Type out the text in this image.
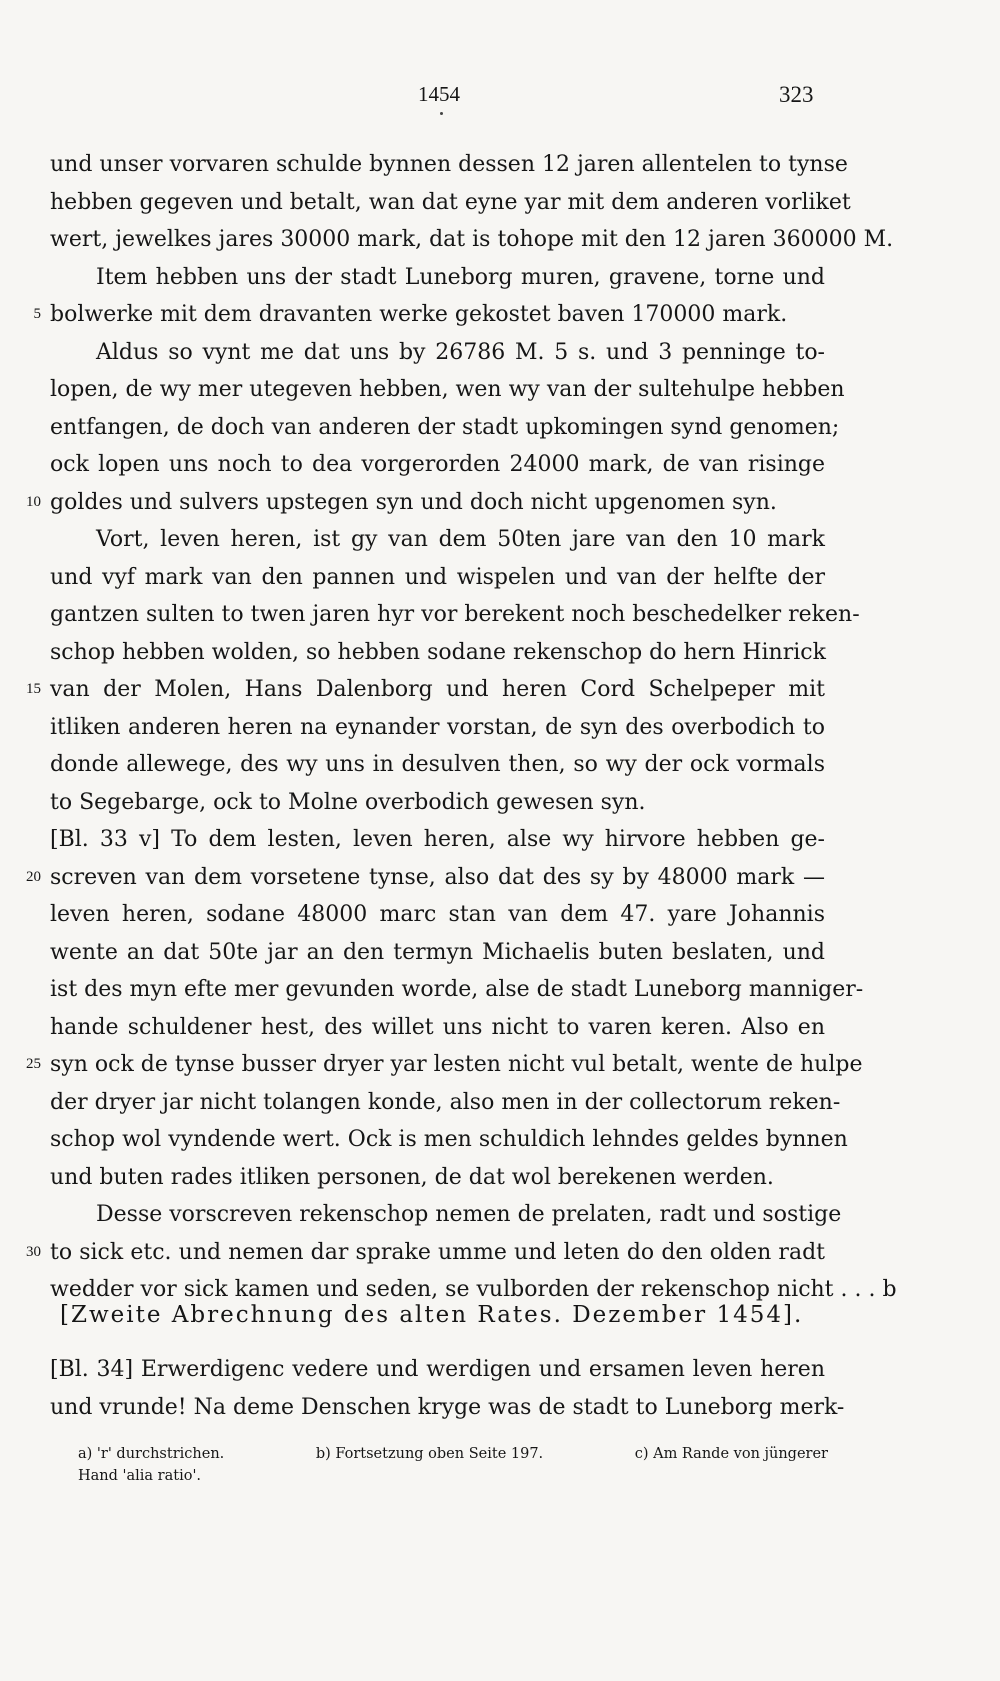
1454	323
und unser vorvaren schulde bynnen dessen 12 jaren allentelen to tynse
hebben gegeven und betalt, wan dat eyne yar mit dem anderen vorliket
wert, jewelkes jares 30000 mark, dat is tohope mit den 12 jaren 360000 M.
Item hebben uns der stadt Luneborg muren, gravene, torne und
5 bolwerke mit dem dravanten werke gekostet baven 170000 mark.
Aldus so vynt me dat uns by 26786 M. 5 s. und 3 penninge to-
lopen, de wy mer utegeven hebben, wen wy van der sultehulpe hebben
entfangen, de doch van anderen der stadt upkomingen synd genomen;
ock lopen uns noch to dea vorgerorden 24000 mark, de van risinge
10 goldes und sulvers upstegen syn und doch nicht upgenomen syn.
Vort, leven heren, ist gy van dem 50ten jare van den 10 mark
und vyf mark van den pannen und wispelen und van der helfte der
gantzen sulten to twen jaren hyr vor berekent noch beschedelker reken-
schop hebben wolden, so hebben sodane rekenschop do hern Hinrick
15 van der Molen, Hans Dalenborg und heren Cord Schelpeper mit
itliken anderen heren na eynander vorstan, de syn des overbodich to
donde allewege, des wy uns in desulven then, so wy der ock vormals
to Segebarge, ock to Molne overbodich gewesen syn.
[Bl. 33 v] To dem lesten, leven heren, alse wy hirvore hebben ge-
20 screven van dem vorsetene tynse, also dat des sy by 48000 mark —
leven heren, sodane 48000 marc stan van dem 47. yare Johannis
wente an dat 50te jar an den termyn Michaelis buten beslaten, und
ist des myn efte mer gevunden worde, alse de stadt Luneborg manniger-
hande schuldener hest, des willet uns nicht to varen keren. Also en
25 syn ock de tynse busser dryer yar lesten nicht vul betalt, wente de hulpe
der dryer jar nicht tolangen konde, also men in der collectorum reken-
schop wol vyndende wert. Ock is men schuldich lehndes geldes bynnen
und buten rades itliken personen, de dat wol berekenen werden.
Desse vorscreven rekenschop nemen de prelaten, radt und sostige
30 to sick etc. und nemen dar sprake umme und leten do den olden radt
wedder vor sick kamen und seden, se vulborden der rekenschop nicht . . . b
[Zweite Abrechnung des alten Rates. Dezember 1454].
[Bl. 34] Erwerdigenc vedere und werdigen und ersamen leven heren
und vrunde! Na deme Denschen kryge was de stadt to Luneborg merk-
a) 'r' durchstrichen.	b) Fortsetzung oben Seite 197.	c) Am Rande von jüngerer
Hand 'alia ratio'.
